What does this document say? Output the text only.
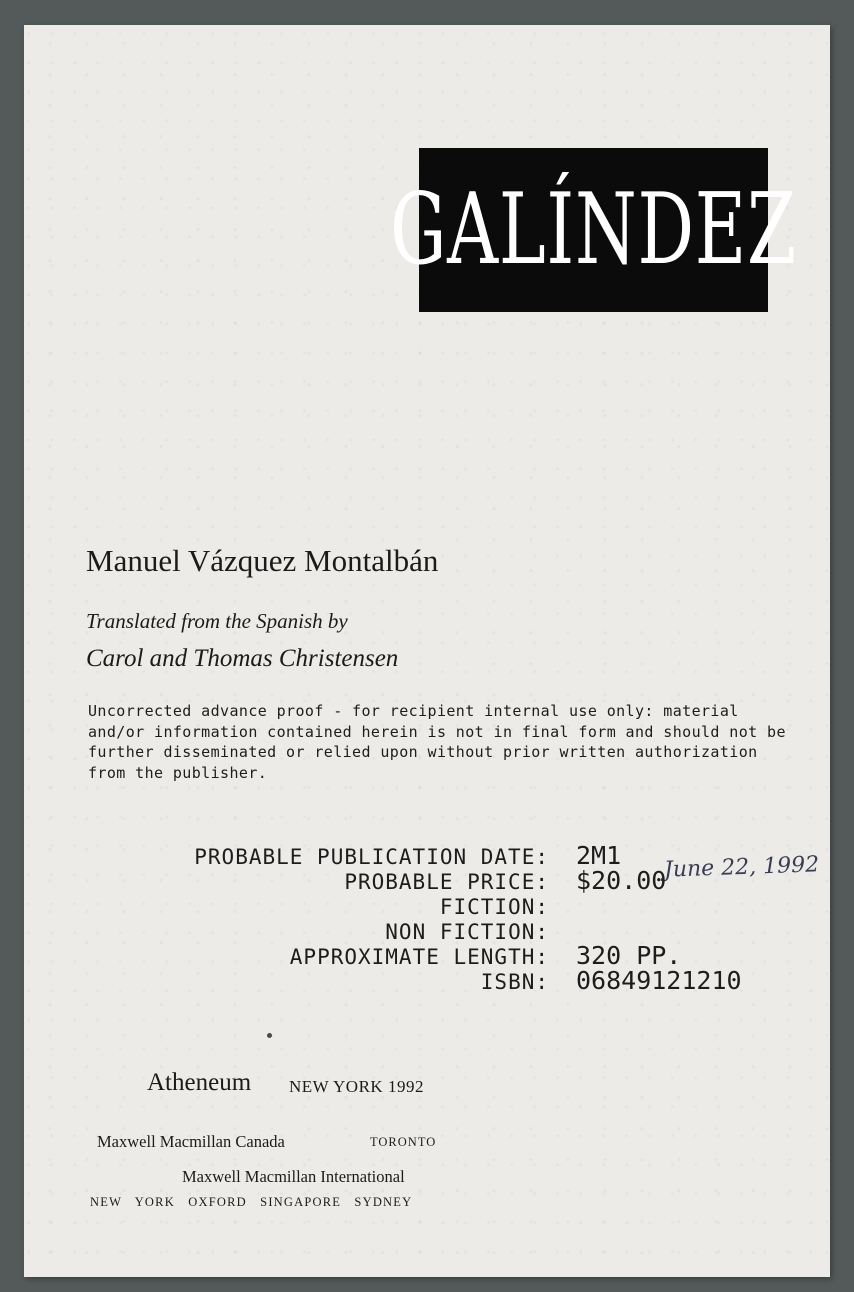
GALÍNDEZ
Manuel Vázquez Montalbán
Translated from the Spanish by
Carol and Thomas Christensen
Uncorrected advance proof - for recipient internal use only: material and/or information contained herein is not in final form and should not be further disseminated or relied upon without prior written authorization from the publisher.
PROBABLE PUBLICATION DATE: 2M1 June 22, 1992
PROBABLE PRICE: $20.00
FICTION:
NON FICTION:
APPROXIMATE LENGTH: 320 PP.
ISBN: 06849121210
Atheneum NEW YORK 1992
Maxwell Macmillan Canada	TORONTO
Maxwell Macmillan International
NEW YORK OXFORD SINGAPORE SYDNEY
